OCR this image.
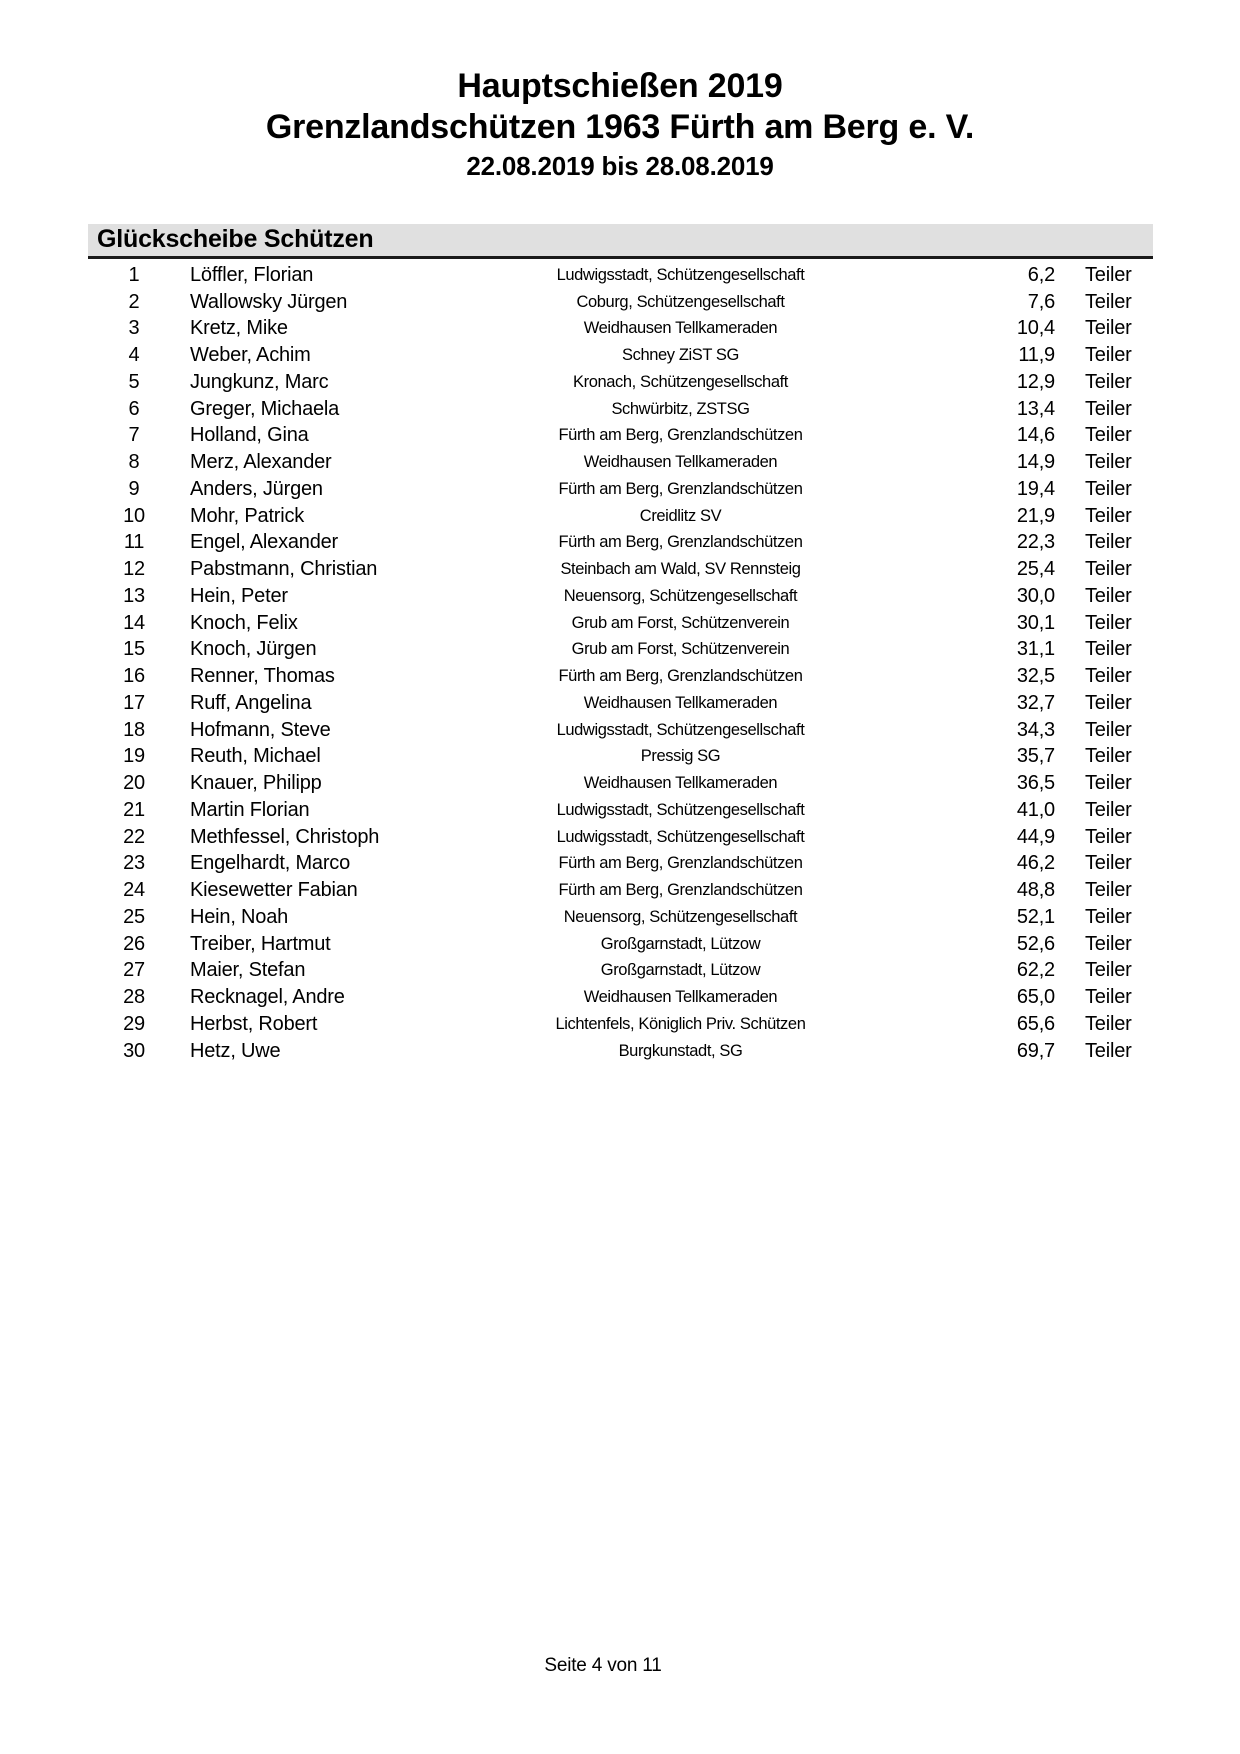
Hauptschießen 2019
Grenzlandschützen 1963 Fürth am Berg e. V.
22.08.2019 bis 28.08.2019
Glückscheibe Schützen
1	Löffler, Florian	Ludwigsstadt, Schützengesellschaft	6,2	Teiler
2	Wallowsky Jürgen	Coburg, Schützengesellschaft	7,6	Teiler
3	Kretz, Mike	Weidhausen Tellkameraden	10,4	Teiler
4	Weber, Achim	Schney ZiST SG	11,9	Teiler
5	Jungkunz, Marc	Kronach, Schützengesellschaft	12,9	Teiler
6	Greger, Michaela	Schwürbitz, ZSTSG	13,4	Teiler
7	Holland, Gina	Fürth am Berg, Grenzlandschützen	14,6	Teiler
8	Merz, Alexander	Weidhausen Tellkameraden	14,9	Teiler
9	Anders, Jürgen	Fürth am Berg, Grenzlandschützen	19,4	Teiler
10	Mohr, Patrick	Creidlitz SV	21,9	Teiler
11	Engel, Alexander	Fürth am Berg, Grenzlandschützen	22,3	Teiler
12	Pabstmann, Christian	Steinbach am Wald, SV Rennsteig	25,4	Teiler
13	Hein, Peter	Neuensorg, Schützengesellschaft	30,0	Teiler
14	Knoch, Felix	Grub am Forst, Schützenverein	30,1	Teiler
15	Knoch, Jürgen	Grub am Forst, Schützenverein	31,1	Teiler
16	Renner, Thomas	Fürth am Berg, Grenzlandschützen	32,5	Teiler
17	Ruff, Angelina	Weidhausen Tellkameraden	32,7	Teiler
18	Hofmann, Steve	Ludwigsstadt, Schützengesellschaft	34,3	Teiler
19	Reuth, Michael	Pressig SG	35,7	Teiler
20	Knauer, Philipp	Weidhausen Tellkameraden	36,5	Teiler
21	Martin Florian	Ludwigsstadt, Schützengesellschaft	41,0	Teiler
22	Methfessel, Christoph	Ludwigsstadt, Schützengesellschaft	44,9	Teiler
23	Engelhardt, Marco	Fürth am Berg, Grenzlandschützen	46,2	Teiler
24	Kiesewetter Fabian	Fürth am Berg, Grenzlandschützen	48,8	Teiler
25	Hein, Noah	Neuensorg, Schützengesellschaft	52,1	Teiler
26	Treiber, Hartmut	Großgarnstadt, Lützow	52,6	Teiler
27	Maier, Stefan	Großgarnstadt, Lützow	62,2	Teiler
28	Recknagel, Andre	Weidhausen Tellkameraden	65,0	Teiler
29	Herbst, Robert	Lichtenfels, Königlich Priv. Schützen	65,6	Teiler
30	Hetz, Uwe	Burgkunstadt, SG	69,7	Teiler
Seite 4 von 11
